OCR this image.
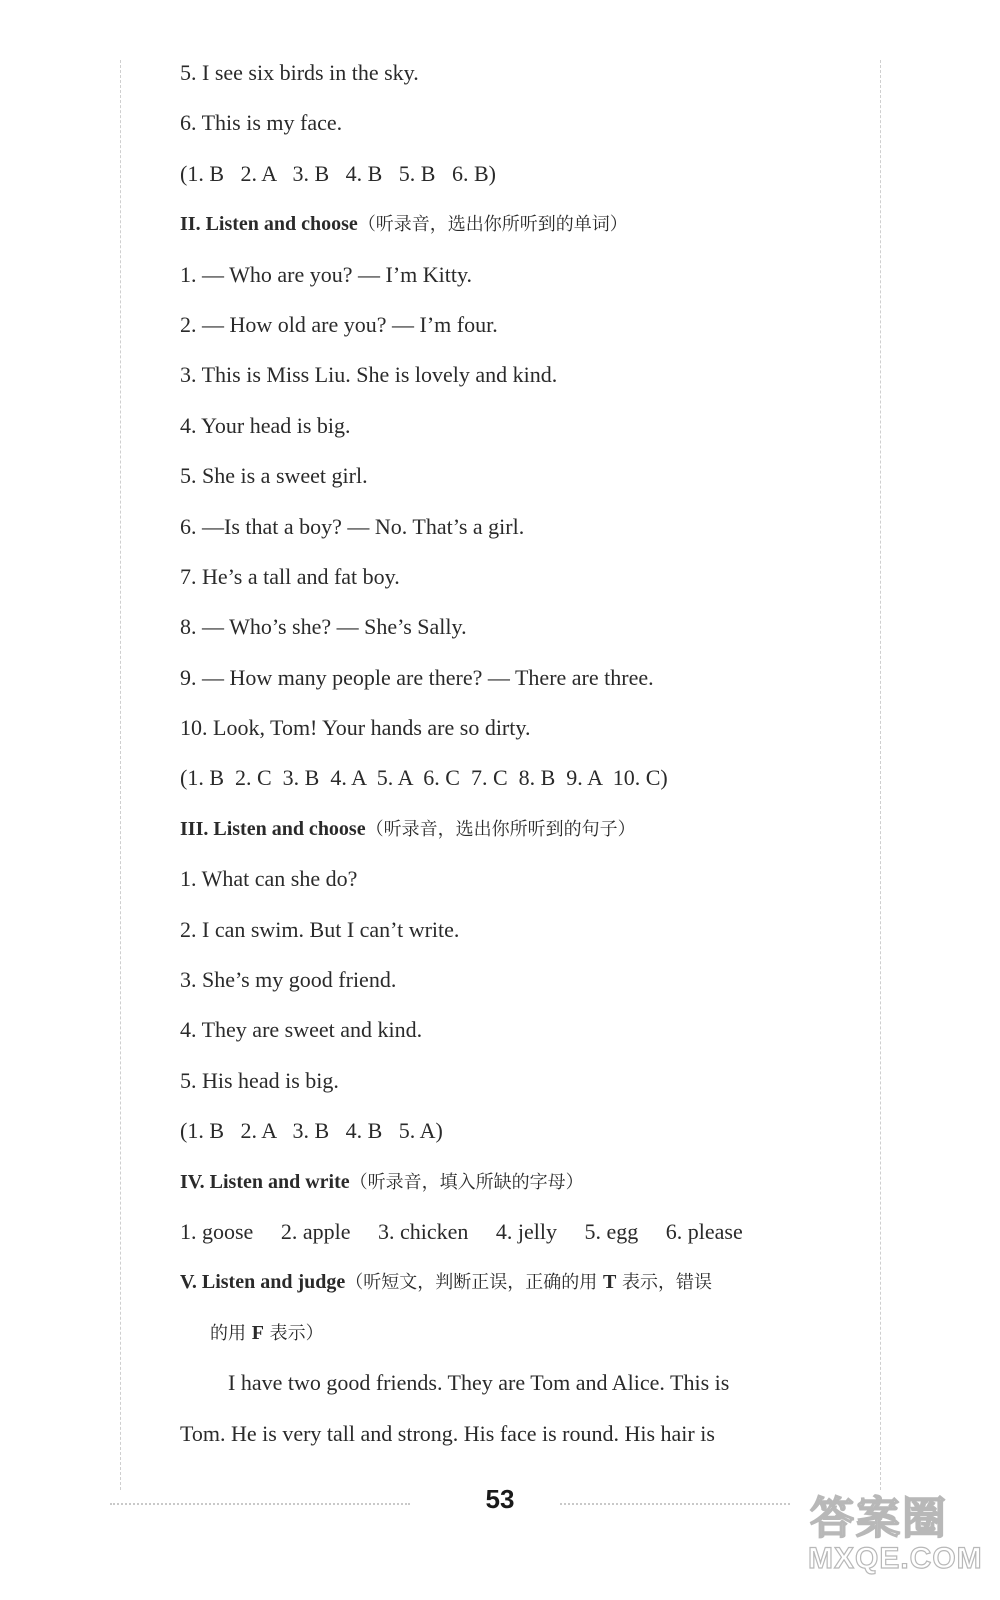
5. I see six birds in the sky.
6. This is my face.
(1. B   2. A   3. B   4. B   5. B   6. B)
II. Listen and choose（听录音，选出你所听到的单词）
1. — Who are you? — I’m Kitty.
2. — How old are you? — I’m four.
3. This is Miss Liu. She is lovely and kind.
4. Your head is big.
5. She is a sweet girl.
6. —Is that a boy? — No. That’s a girl.
7. He’s a tall and fat boy.
8. — Who’s she? — She’s Sally.
9. — How many people are there? — There are three.
10. Look, Tom! Your hands are so dirty.
(1. B  2. C  3. B  4. A  5. A  6. C  7. C  8. B  9. A  10. C)
III. Listen and choose（听录音，选出你所听到的句子）
1. What can she do?
2. I can swim. But I can’t write.
3. She’s my good friend.
4. They are sweet and kind.
5. His head is big.
(1. B   2. A   3. B   4. B   5. A)
IV. Listen and write（听录音，填入所缺的字母）
1. goose 2. apple 3. chicken 4. jelly 5. egg 6. please
V. Listen and judge（听短文，判断正误，正确的用 T 表示，错误
的用 F 表示）
I have two good friends. They are Tom and Alice. This is
Tom. He is very tall and strong. His face is round. His hair is
53	答案圈
MXQE.COM
